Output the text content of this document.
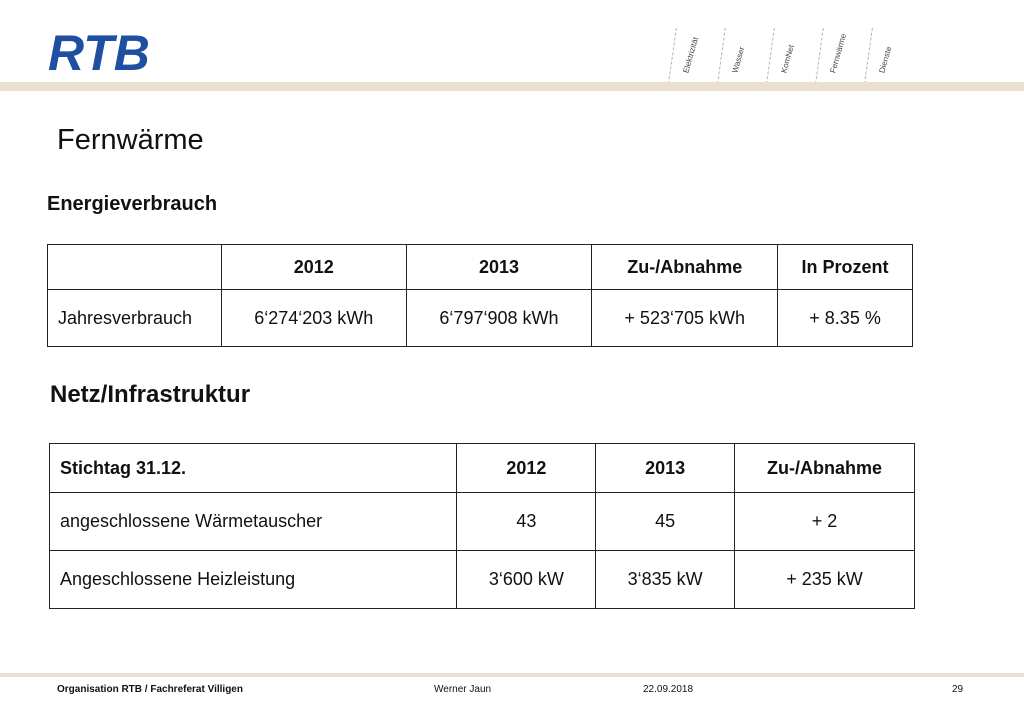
RTB	Elektrizität	Wasser	KomNet	Fernwärme	Dienste
Fernwärme
Energieverbrauch
	2012	2013	Zu-/Abnahme	In Prozent
Jahresverbrauch	6‘274‘203 kWh	6‘797‘908 kWh	+ 523‘705 kWh	+ 8.35 %
Netz/Infrastruktur
Stichtag 31.12.	2012	2013	Zu-/Abnahme
angeschlossene Wärmetauscher	43	45	+ 2
Angeschlossene Heizleistung	3‘600 kW	3‘835 kW	+ 235 kW
Organisation RTB / Fachreferat Villigen	Werner Jaun	22.09.2018	29
